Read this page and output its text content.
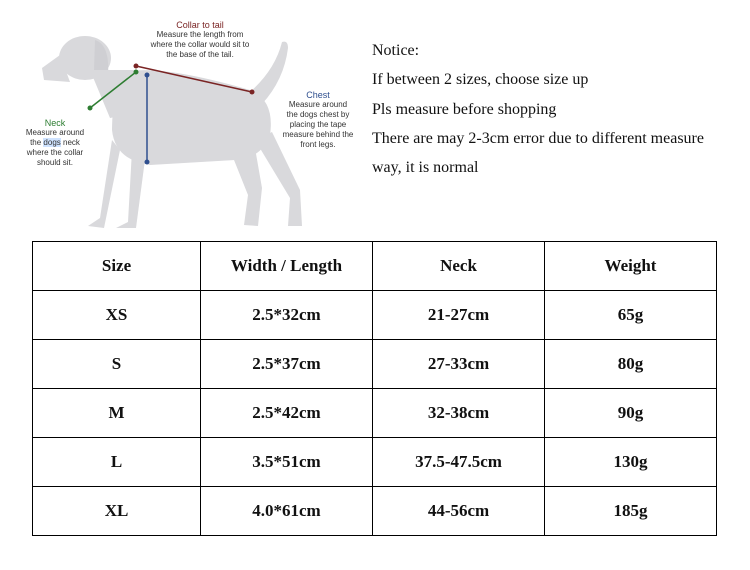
Collar to tail
Measure the length from
where the collar would sit to
the base of the tail.
Neck
Measure around
the dogs neck
where the collar
should sit.
Chest
Measure around
the dogs chest by
placing the tape
measure behind the
front legs.
Notice:
If between 2 sizes, choose size up
Pls measure before shopping
There are may 2-3cm error due to different measure
way, it is normal
Size	Width / Length	Neck	Weight
XS	2.5*32cm	21-27cm	65g
S	2.5*37cm	27-33cm	80g
M	2.5*42cm	32-38cm	90g
L	3.5*51cm	37.5-47.5cm	130g
XL	4.0*61cm	44-56cm	185g
